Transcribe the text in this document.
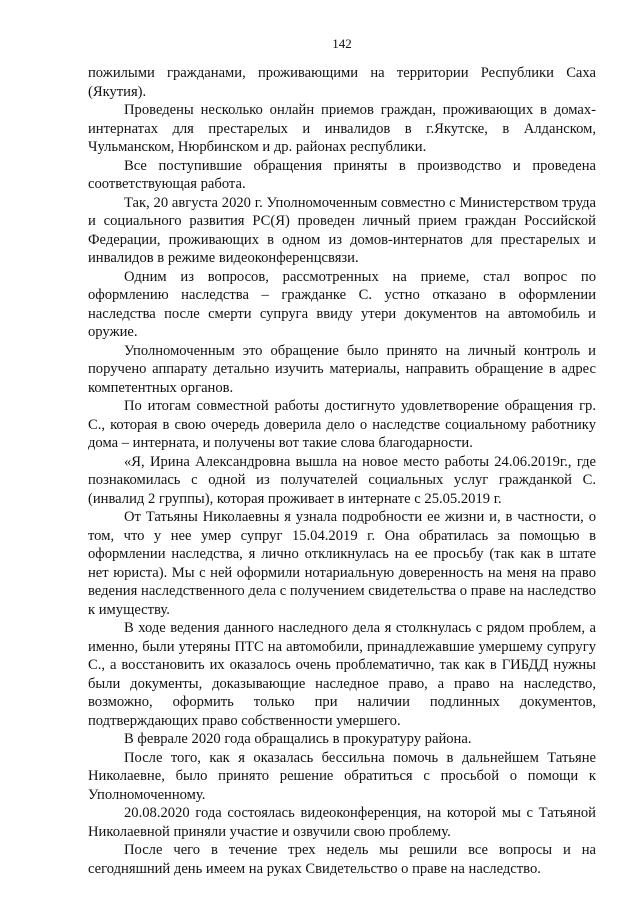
142

пожилыми гражданами, проживающими на территории Республики Саха (Якутия).

Проведены несколько онлайн приемов граждан, проживающих в домах-интернатах для престарелых и инвалидов в г.Якутске, в Алданском, Чульманском, Нюрбинском и др. районах республики.

Все поступившие обращения приняты в производство и проведена соответствующая работа.

Так, 20 августа 2020 г. Уполномоченным совместно с Министерством труда и социального развития РС(Я) проведен личный прием граждан Российской Федерации, проживающих в одном из домов-интернатов для престарелых и инвалидов в режиме видеоконференцсвязи.

Одним из вопросов, рассмотренных на приеме, стал вопрос по оформлению наследства – гражданке С. устно отказано в оформлении наследства после смерти супруга ввиду утери документов на автомобиль и оружие.

Уполномоченным это обращение было принято на личный контроль и поручено аппарату детально изучить материалы, направить обращение в адрес компетентных органов.

По итогам совместной работы достигнуто удовлетворение обращения гр. С., которая в свою очередь доверила дело о наследстве социальному работнику дома – интерната, и получены вот такие слова благодарности.

«Я, Ирина Александровна вышла на новое место работы 24.06.2019г., где познакомилась с одной из получателей социальных услуг гражданкой С. (инвалид 2 группы), которая проживает в интернате с 25.05.2019 г.

От Татьяны Николаевны я узнала подробности ее жизни и, в частности, о том, что у нее умер супруг 15.04.2019 г. Она обратилась за помощью в оформлении наследства, я лично откликнулась на ее просьбу (так как в штате нет юриста). Мы с ней оформили нотариальную доверенность на меня на право ведения наследственного дела с получением свидетельства о праве на наследство к имуществу.

В ходе ведения данного наследного дела я столкнулась с рядом проблем, а именно, были утеряны ПТС на автомобили, принадлежавшие умершему супругу С., а восстановить их оказалось очень проблематично, так как в ГИБДД нужны были документы, доказывающие наследное право, а право на наследство, возможно, оформить только при наличии подлинных документов, подтверждающих право собственности умершего.

В феврале 2020 года обращались в прокуратуру района.

После того, как я оказалась бессильна помочь в дальнейшем Татьяне Николаевне, было принято решение обратиться с просьбой о помощи к Уполномоченному.

20.08.2020 года состоялась видеоконференция, на которой мы с Татьяной Николаевной приняли участие и озвучили свою проблему.

После чего в течение трех недель мы решили все вопросы и на сегодняшний день имеем на руках Свидетельство о праве на наследство.
